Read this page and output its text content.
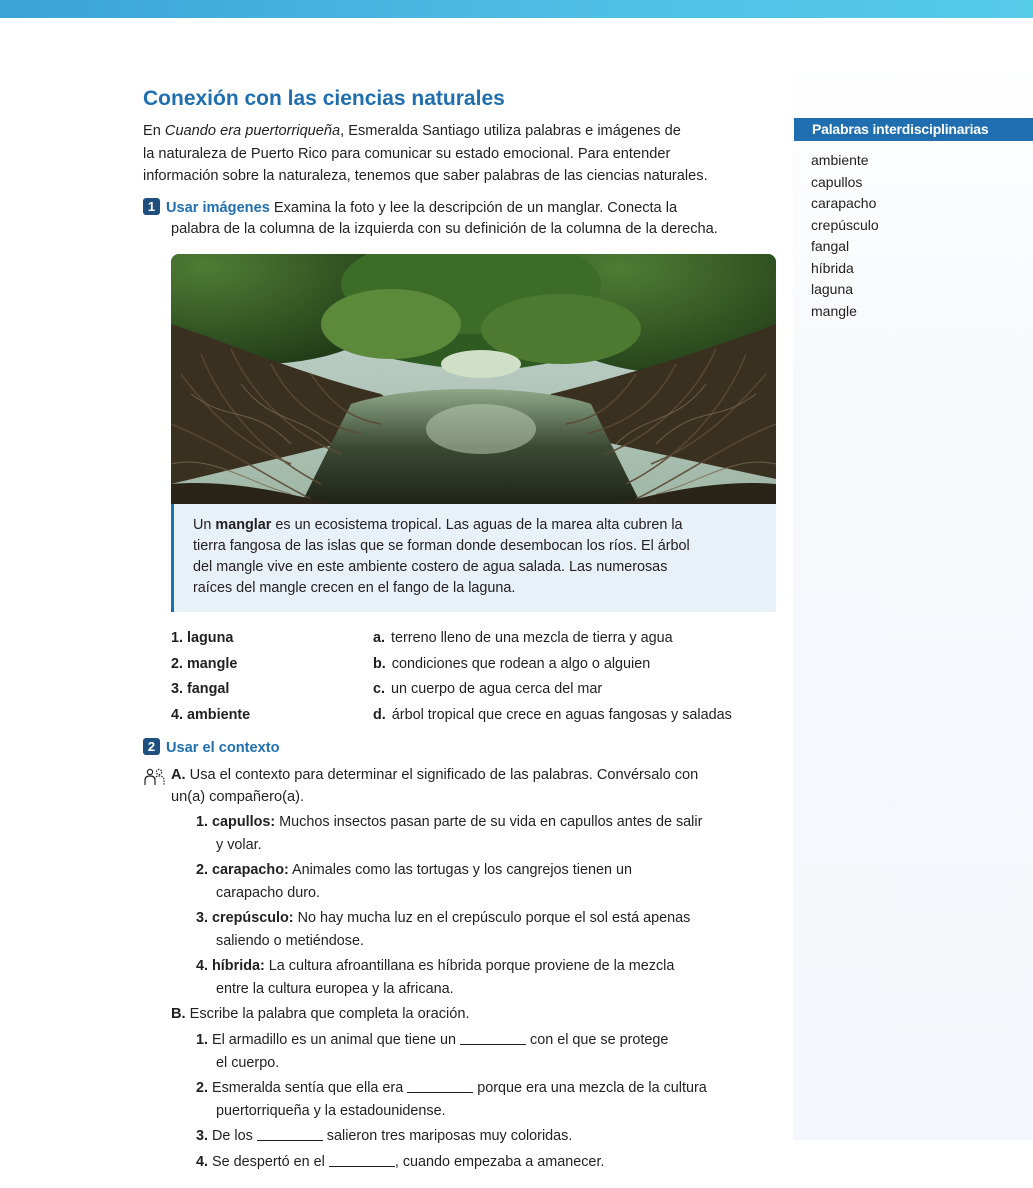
Palabras interdisciplinarias
ambiente
capullos
carapacho
crepúsculo
fangal
híbrida
laguna
mangle
Conexión con las ciencias naturales

En Cuando era puertorriqueña, Esmeralda Santiago utiliza palabras e imágenes de
la naturaleza de Puerto Rico para comunicar su estado emocional. Para entender
información sobre la naturaleza, tenemos que saber palabras de las ciencias naturales.

1 Usar imágenes Examina la foto y lee la descripción de un manglar. Conecta la

palabra de la columna de la izquierda con su definición de la columna de la derecha.

Un manglar es un ecosistema tropical. Las aguas de la marea alta cubren la
tierra fangosa de las islas que se forman donde desembocan los ríos. El árbol
del mangle vive en este ambiente costero de agua salada. Las numerosas
raíces del mangle crecen en el fango de la laguna.
1. laguna	a. terreno lleno de una mezcla de tierra y agua
2. mangle	b. condiciones que rodean a algo o alguien
3. fangal	c. un cuerpo de agua cerca del mar
4. ambiente	d. árbol tropical que crece en aguas fangosas y saladas
2 Usar el contexto
A. Usa el contexto para determinar el significado de las palabras. Convérsalo con
un(a) compañero(a).
1. capullos: Muchos insectos pasan parte de su vida en capullos antes de salir
y volar.
2. carapacho: Animales como las tortugas y los cangrejos tienen un
carapacho duro.
3. crepúsculo: No hay mucha luz en el crepúsculo porque el sol está apenas
saliendo o metiéndose.
4. híbrida: La cultura afroantillana es híbrida porque proviene de la mezcla
entre la cultura europea y la africana.
B. Escribe la palabra que completa la oración.
1. El armadillo es un animal que tiene un	con el que se protege
el cuerpo.
2. Esmeralda sentía que ella era	porque era una mezcla de la cultura
puertorriqueña y la estadounidense.
3. De los	salieron tres mariposas muy coloridas.
4. Se despertó en el	, cuando empezaba a amanecer.
